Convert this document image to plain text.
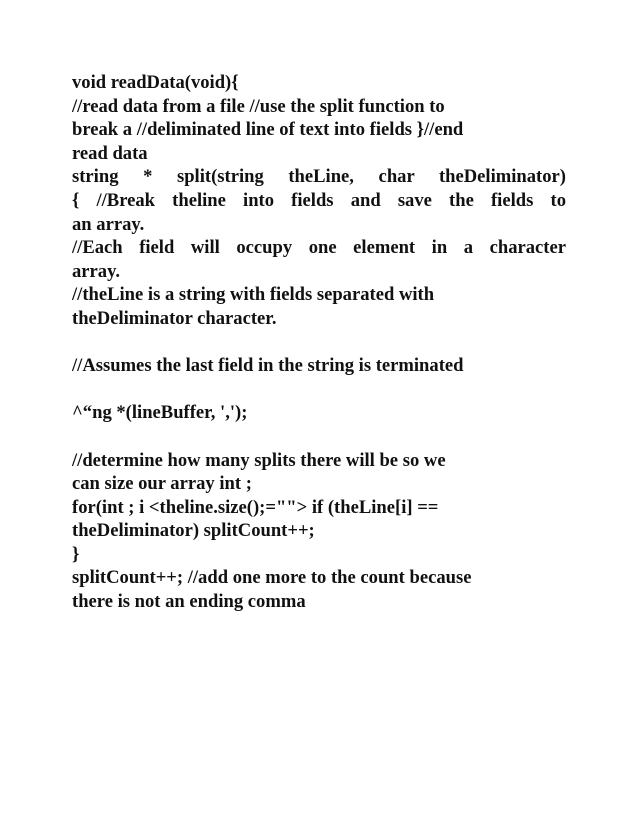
void readData(void){
//read data from a file //use the split function to
break a //deliminated line of text into fields }//end
read data
string * split(string theLine, char theDeliminator)
{ //Break theline into fields and save the fields to
an array.
//Each field will occupy one element in a character
array.
//theLine is a string with fields separated with
theDeliminator character.
//Assumes the last field in the string is terminated
^“ng *(lineBuffer, ',');
//determine how many splits there will be so we
can size our array int ;
for(int ; i <theline.size();=""> if (theLine[i] ==
theDeliminator) splitCount++;
}
splitCount++; //add one more to the count because
there is not an ending comma
